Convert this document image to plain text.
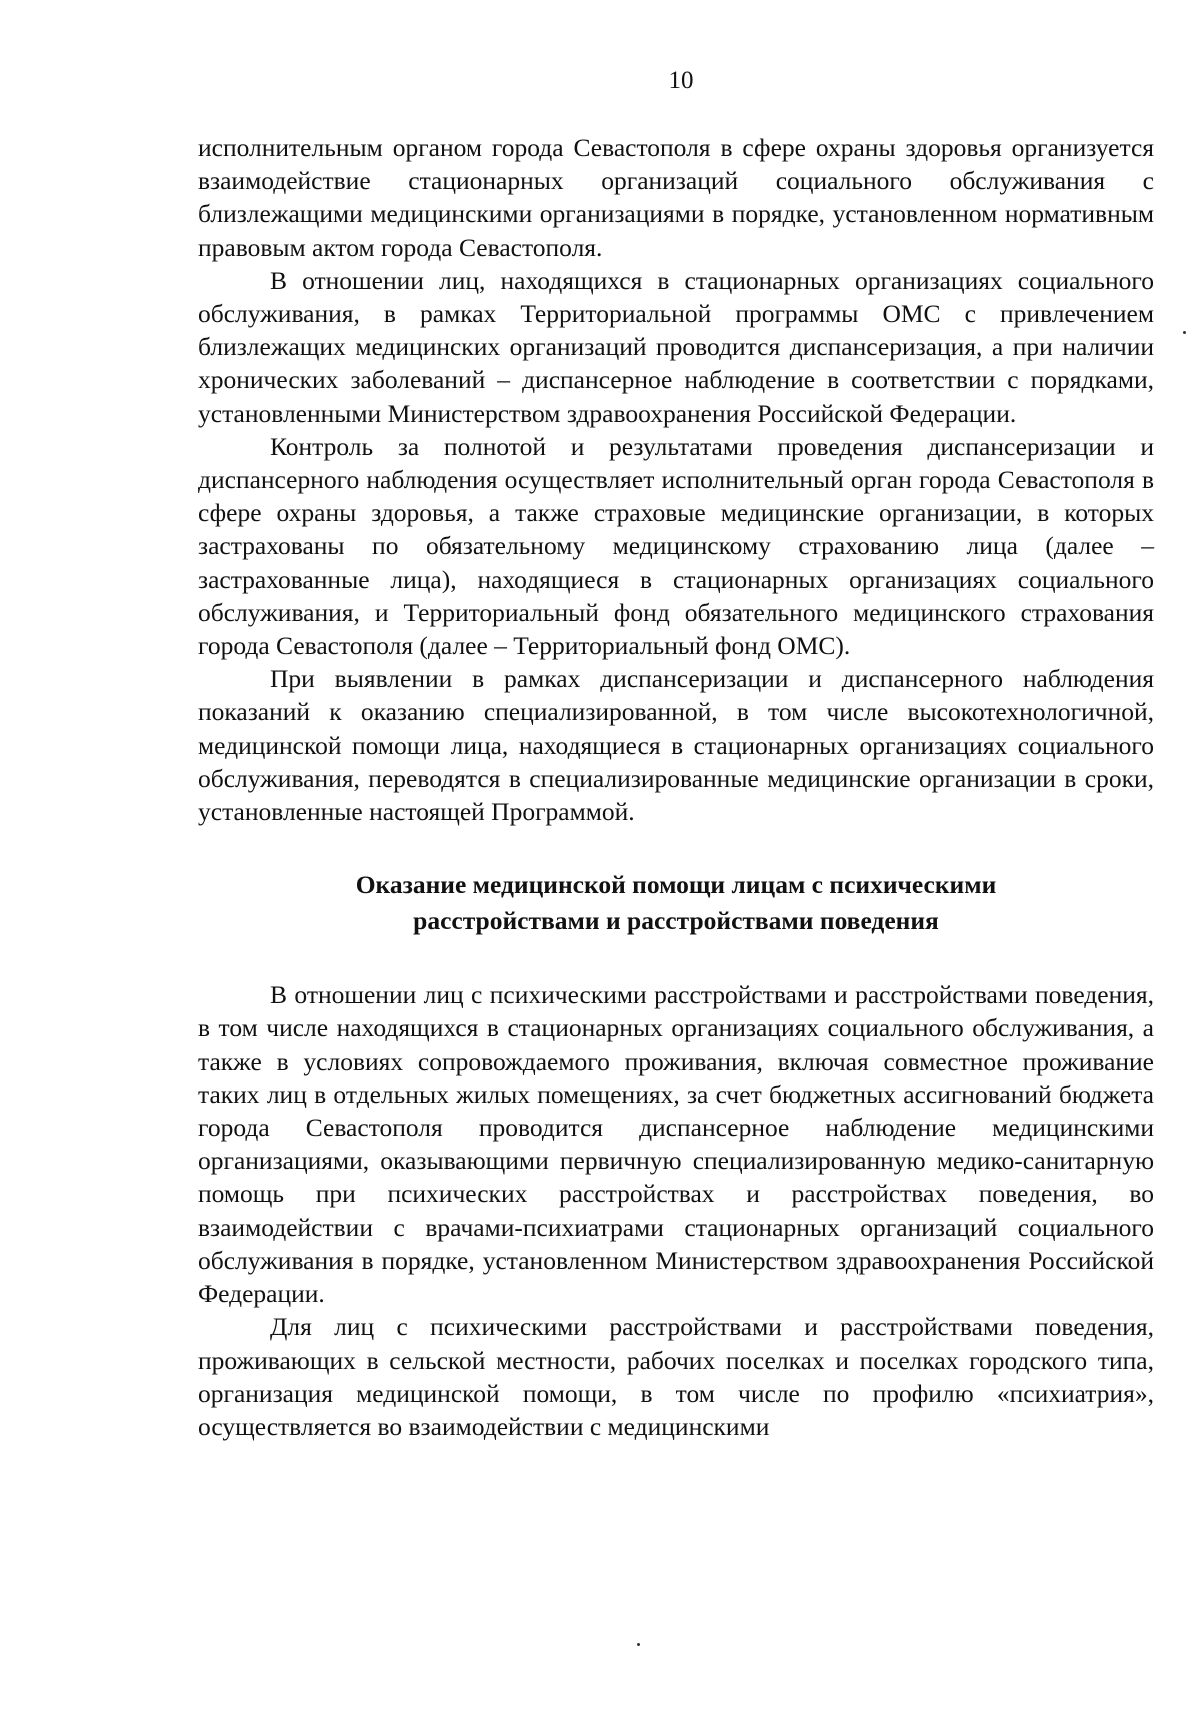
10

исполнительным органом города Севастополя в сфере охраны здоровья организуется взаимодействие стационарных организаций социального обслуживания с близлежащими медицинскими организациями в порядке, установленном нормативным правовым актом города Севастополя.

В отношении лиц, находящихся в стационарных организациях социального обслуживания, в рамках Территориальной программы ОМС с привлечением близлежащих медицинских организаций проводится диспансеризация, а при наличии хронических заболеваний – диспансерное наблюдение в соответствии с порядками, установленными Министерством здравоохранения Российской Федерации.

Контроль за полнотой и результатами проведения диспансеризации и диспансерного наблюдения осуществляет исполнительный орган города Севастополя в сфере охраны здоровья, а также страховые медицинские организации, в которых застрахованы по обязательному медицинскому страхованию лица (далее – застрахованные лица), находящиеся в стационарных организациях социального обслуживания, и Территориальный фонд обязательного медицинского страхования города Севастополя (далее – Территориальный фонд ОМС).

При выявлении в рамках диспансеризации и диспансерного наблюдения показаний к оказанию специализированной, в том числе высокотехнологичной, медицинской помощи лица, находящиеся в стационарных организациях социального обслуживания, переводятся в специализированные медицинские организации в сроки, установленные настоящей Программой.

Оказание медицинской помощи лицам с психическими
расстройствами и расстройствами поведения

В отношении лиц с психическими расстройствами и расстройствами поведения, в том числе находящихся в стационарных организациях социального обслуживания, а также в условиях сопровождаемого проживания, включая совместное проживание таких лиц в отдельных жилых помещениях, за счет бюджетных ассигнований бюджета города Севастополя проводится диспансерное наблюдение медицинскими организациями, оказывающими первичную специализированную медико-санитарную помощь при психических расстройствах и расстройствах поведения, во взаимодействии с врачами-психиатрами стационарных организаций социального обслуживания в порядке, установленном Министерством здравоохранения Российской Федерации.

Для лиц с психическими расстройствами и расстройствами поведения, проживающих в сельской местности, рабочих поселках и поселках городского типа, организация медицинской помощи, в том числе по профилю «психиатрия», осуществляется во взаимодействии с медицинскими
